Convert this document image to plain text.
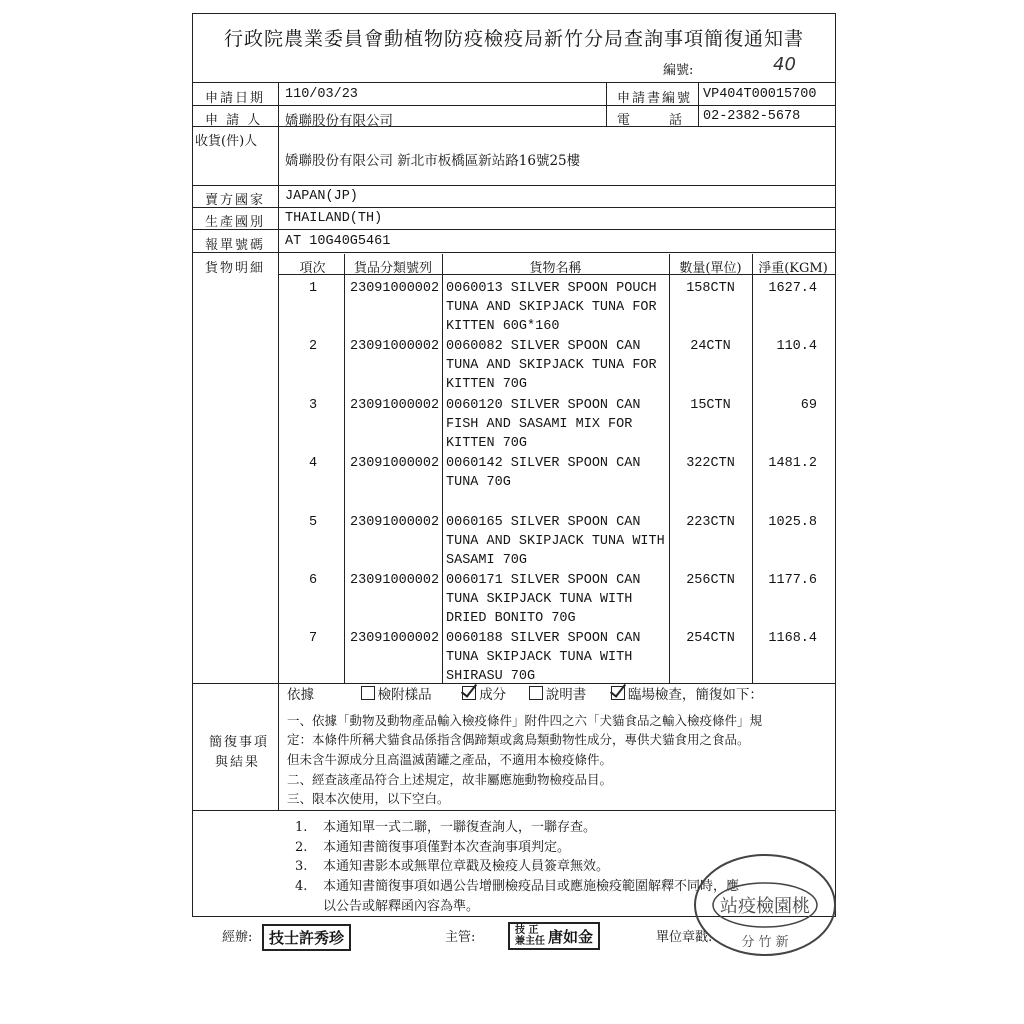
行政院農業委員會動植物防疫檢疫局新竹分局查詢事項簡復通知書
編號:	40
申請日期 110/03/23	申請書編號 VP404T00015700
申 請 人 嬌聯股份有限公司	電　　　話 02-2382-5678
收貨(件)人
嬌聯股份有限公司 新北市板橋區新站路16號25樓
賣方國家 JAPAN(JP)
生產國別 THAILAND(TH)
報單號碼 AT 10G40G5461
貨物明細	項次	貨品分類號列	貨物名稱	數量(單位)	淨重(KGM)
1	23091000002 0060013 SILVER SPOON POUCH
TUNA AND SKIPJACK TUNA FOR
KITTEN 60G*160
158CTN	1627.4
2	23091000002 0060082 SILVER SPOON CAN
TUNA AND SKIPJACK TUNA FOR
KITTEN 70G
24CTN	110.4
3	23091000002 0060120 SILVER SPOON CAN
FISH AND SASAMI MIX FOR
KITTEN 70G
15CTN	69
4	23091000002 0060142 SILVER SPOON CAN
TUNA 70G
322CTN	1481.2
5	23091000002 0060165 SILVER SPOON CAN
TUNA AND SKIPJACK TUNA WITH
SASAMI 70G
223CTN	1025.8
6	23091000002 0060171 SILVER SPOON CAN
TUNA SKIPJACK TUNA WITH
DRIED BONITO 70G
256CTN	1177.6
7	23091000002 0060188 SILVER SPOON CAN
TUNA SKIPJACK TUNA WITH
SHIRASU 70G
254CTN	1168.4
簡復事項
與結果
依據	檢附樣品	成分	說明書	臨場檢查，簡復如下：
一、依據「動物及動物產品輸入檢疫條件」附件四之六「犬貓食品之輸入檢疫條件」規
定：本條件所稱犬貓食品係指含偶蹄類或禽鳥類動物性成分，專供犬貓食用之食品。
但未含牛源成分且高溫滅菌罐之產品，不適用本檢疫條件。
二、經查該產品符合上述規定，故非屬應施動物檢疫品目。
三、限本次使用，以下空白。
1. 本通知單一式二聯，一聯復查詢人，一聯存查。
2. 本通知書簡復事項僅對本次查詢事項判定。
3. 本通知書影本或無單位章戳及檢疫人員簽章無效。
4. 本通知書簡復事項如遇公告增刪檢疫品目或應施檢疫範圍解釋不同時，應
以公告或解釋函內容為準。
經辦:	技士許秀珍	主管:	技 正
兼主任 唐如金	單位章戳:
站疫檢園桃
分 竹 新
